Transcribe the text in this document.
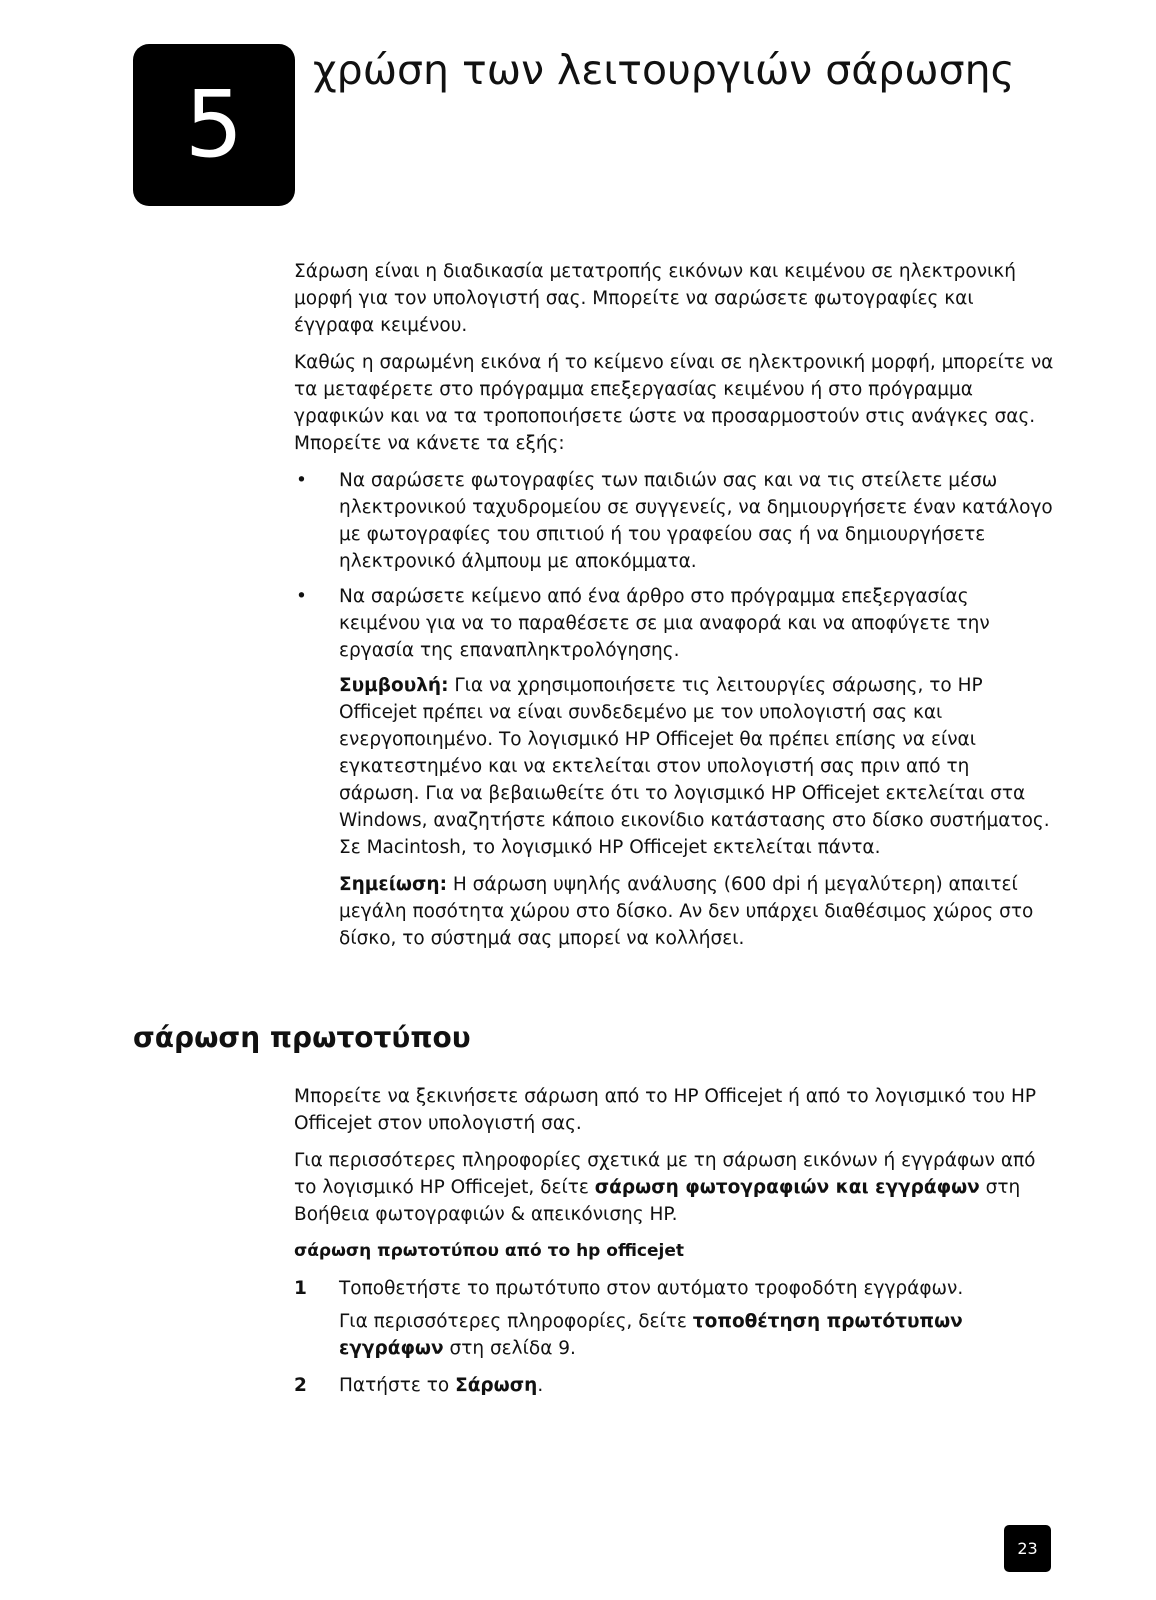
5
χρώση των λειτουργιών σάρωσης

Σάρωση είναι η διαδικασία μετατροπής εικόνων και κειμένου σε ηλεκτρονική μορφή για τον υπολογιστή σας. Μπορείτε να σαρώσετε φωτογραφίες και έγγραφα κειμένου.

Καθώς η σαρωμένη εικόνα ή το κείμενο είναι σε ηλεκτρονική μορφή, μπορείτε να τα μεταφέρετε στο πρόγραμμα επεξεργασίας κειμένου ή στο πρόγραμμα γραφικών και να τα τροποποιήσετε ώστε να προσαρμοστούν στις ανάγκες σας. Μπορείτε να κάνετε τα εξής:

• Να σαρώσετε φωτογραφίες των παιδιών σας και να τις στείλετε μέσω ηλεκτρονικού ταχυδρομείου σε συγγενείς, να δημιουργήσετε έναν κατάλογο με φωτογραφίες του σπιτιού ή του γραφείου σας ή να δημιουργήσετε ηλεκτρονικό άλμπουμ με αποκόμματα.
• Να σαρώσετε κείμενο από ένα άρθρο στο πρόγραμμα επεξεργασίας κειμένου για να το παραθέσετε σε μια αναφορά και να αποφύγετε την εργασία της επαναπληκτρολόγησης.

Συμβουλή: Για να χρησιμοποιήσετε τις λειτουργίες σάρωσης, το HP Officejet πρέπει να είναι συνδεδεμένο με τον υπολογιστή σας και ενεργοποιημένο. Το λογισμικό HP Officejet θα πρέπει επίσης να είναι εγκατεστημένο και να εκτελείται στον υπολογιστή σας πριν από τη σάρωση. Για να βεβαιωθείτε ότι το λογισμικό HP Officejet εκτελείται στα Windows, αναζητήστε κάποιο εικονίδιο κατάστασης στο δίσκο συστήματος. Σε Macintosh, το λογισμικό HP Officejet εκτελείται πάντα.

Σημείωση: Η σάρωση υψηλής ανάλυσης (600 dpi ή μεγαλύτερη) απαιτεί μεγάλη ποσότητα χώρου στο δίσκο. Αν δεν υπάρχει διαθέσιμος χώρος στο δίσκο, το σύστημά σας μπορεί να κολλήσει.

σάρωση πρωτοτύπου

Μπορείτε να ξεκινήσετε σάρωση από το HP Officejet ή από το λογισμικό του HP Officejet στον υπολογιστή σας.

Για περισσότερες πληροφορίες σχετικά με τη σάρωση εικόνων ή εγγράφων από το λογισμικό HP Officejet, δείτε σάρωση φωτογραφιών και εγγράφων στη Βοήθεια φωτογραφιών & απεικόνισης HP.

σάρωση πρωτοτύπου από το hp officejet

1 Τοποθετήστε το πρωτότυπο στον αυτόματο τροφοδότη εγγράφων.

Για περισσότερες πληροφορίες, δείτε τοποθέτηση πρωτότυπων εγγράφων στη σελίδα 9.

2 Πατήστε το Σάρωση.

23
